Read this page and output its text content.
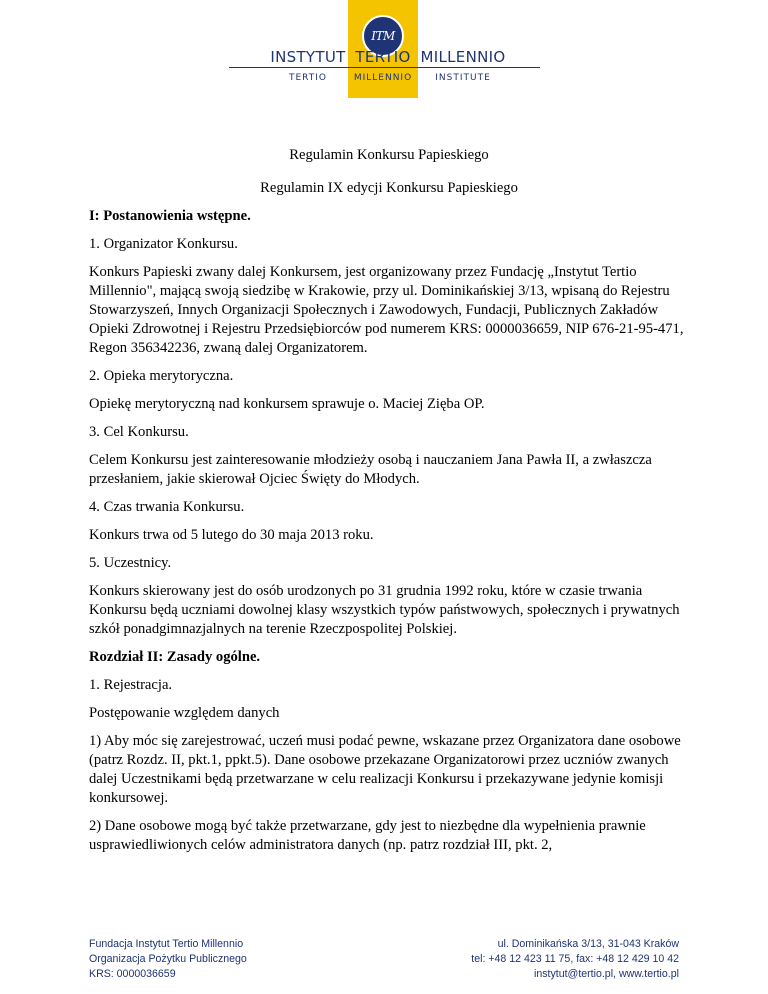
ITM
INSTYTUT TERTIO MILLENNIO
TERTIO	MILLENNIO	INSTITUTE

Regulamin Konkursu Papieskiego

Regulamin IX edycji Konkursu Papieskiego

I: Postanowienia wstępne.

1. Organizator Konkursu.

Konkurs Papieski zwany dalej Konkursem, jest organizowany przez Fundację „Instytut Tertio Millennio", mającą swoją siedzibę w Krakowie, przy ul. Dominikańskiej 3/13, wpisaną do Rejestru Stowarzyszeń, Innych Organizacji Społecznych i Zawodowych, Fundacji, Publicznych Zakładów Opieki Zdrowotnej i Rejestru Przedsiębiorców pod numerem KRS: 0000036659, NIP 676-21-95-471, Regon 356342236, zwaną dalej Organizatorem.

2. Opieka merytoryczna.

Opiekę merytoryczną nad konkursem sprawuje o. Maciej Zięba OP.

3. Cel Konkursu.

Celem Konkursu jest zainteresowanie młodzieży osobą i nauczaniem Jana Pawła II, a zwłaszcza przesłaniem, jakie skierował Ojciec Święty do Młodych.

4. Czas trwania Konkursu.

Konkurs trwa od 5 lutego do 30 maja 2013 roku.

5. Uczestnicy.

Konkurs skierowany jest do osób urodzonych po 31 grudnia 1992 roku, które w czasie trwania Konkursu będą uczniami dowolnej klasy wszystkich typów państwowych, społecznych i prywatnych szkół ponadgimnazjalnych na terenie Rzeczpospolitej Polskiej.

Rozdział II: Zasady ogólne.

1. Rejestracja.

Postępowanie względem danych

1) Aby móc się zarejestrować, uczeń musi podać pewne, wskazane przez Organizatora dane osobowe (patrz Rozdz. II, pkt.1, ppkt.5). Dane osobowe przekazane Organizatorowi przez uczniów zwanych dalej Uczestnikami będą przetwarzane w celu realizacji Konkursu i przekazywane jedynie komisji konkursowej.

2) Dane osobowe mogą być także przetwarzane, gdy jest to niezbędne dla wypełnienia prawnie usprawiedliwionych celów administratora danych (np. patrz rozdział III, pkt. 2,

Fundacja Instytut Tertio Millennio
Organizacja Pożytku Publicznego
KRS: 0000036659
ul. Dominikańska 3/13, 31-043 Kraków
tel: +48 12 423 11 75, fax: +48 12 429 10 42
instytut@tertio.pl, www.tertio.pl
